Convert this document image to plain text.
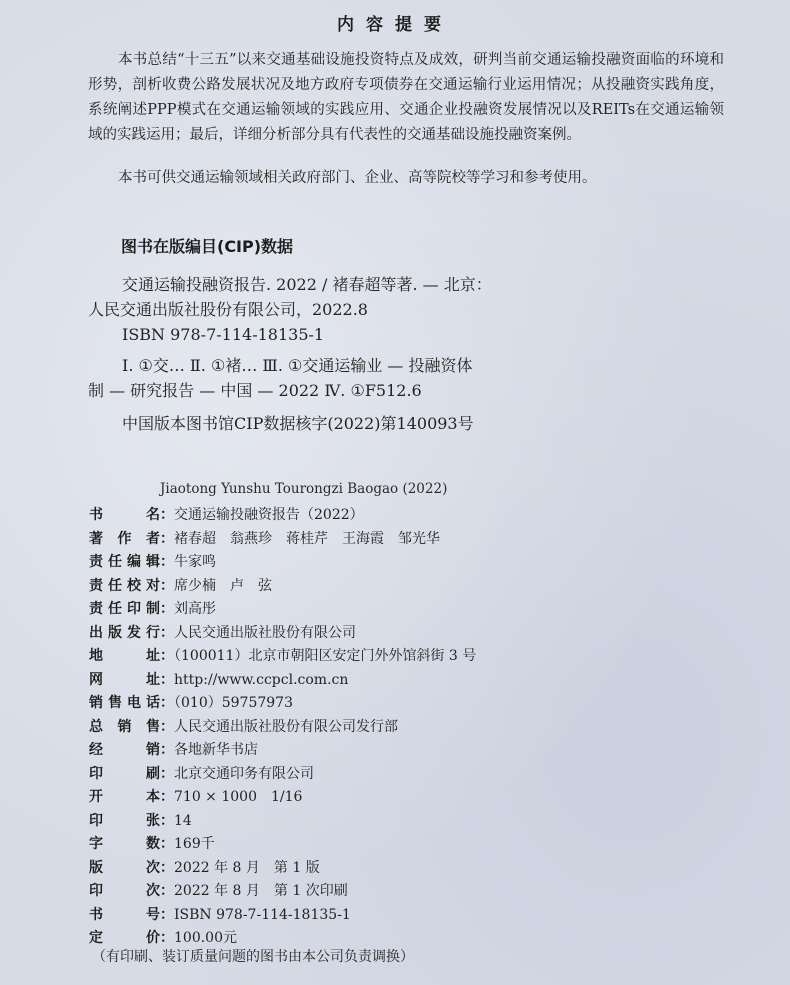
内容提要

本书总结“十三五”以来交通基础设施投资特点及成效，研判当前交通运输投融资面临的环境和形势，剖析收费公路发展状况及地方政府专项债券在交通运输行业运用情况；从投融资实践角度，系统阐述PPP模式在交通运输领域的实践应用、交通企业投融资发展情况以及REITs在交通运输领域的实践运用；最后，详细分析部分具有代表性的交通基础设施投融资案例。

本书可供交通运输领域相关政府部门、企业、高等院校等学习和参考使用。

图书在版编目(CIP)数据
交通运输投融资报告. 2022 / 褚春超等著. — 北京：
人民交通出版社股份有限公司，2022.8
ISBN 978-7-114-18135-1
Ⅰ. ①交… Ⅱ. ①褚… Ⅲ. ①交通运输业 — 投融资体
制 — 研究报告 — 中国 — 2022 Ⅳ. ①F512.6
中国版本图书馆CIP数据核字(2022)第140093号
Jiaotong Yunshu Tourongzi Baogao (2022)
书名：交通运输投融资报告（2022）
著作者：褚春超　翁燕珍　蒋桂芹　王海霞　邹光华
责任编辑：牛家鸣
责任校对：席少楠　卢　弦
责任印制：刘高彤
出版发行：人民交通出版社股份有限公司
地址：（100011）北京市朝阳区安定门外外馆斜街 3 号
网址：http://www.ccpcl.com.cn
销售电话：（010）59757973
总销售：人民交通出版社股份有限公司发行部
经销：各地新华书店
印刷：北京交通印务有限公司
开本：710 × 1000　1/16
印张：14
字数：169千
版次：2022 年 8 月　第 1 版
印次：2022 年 8 月　第 1 次印刷
书号：ISBN 978-7-114-18135-1
定价：100.00元
（有印刷、装订质量问题的图书由本公司负责调换）
